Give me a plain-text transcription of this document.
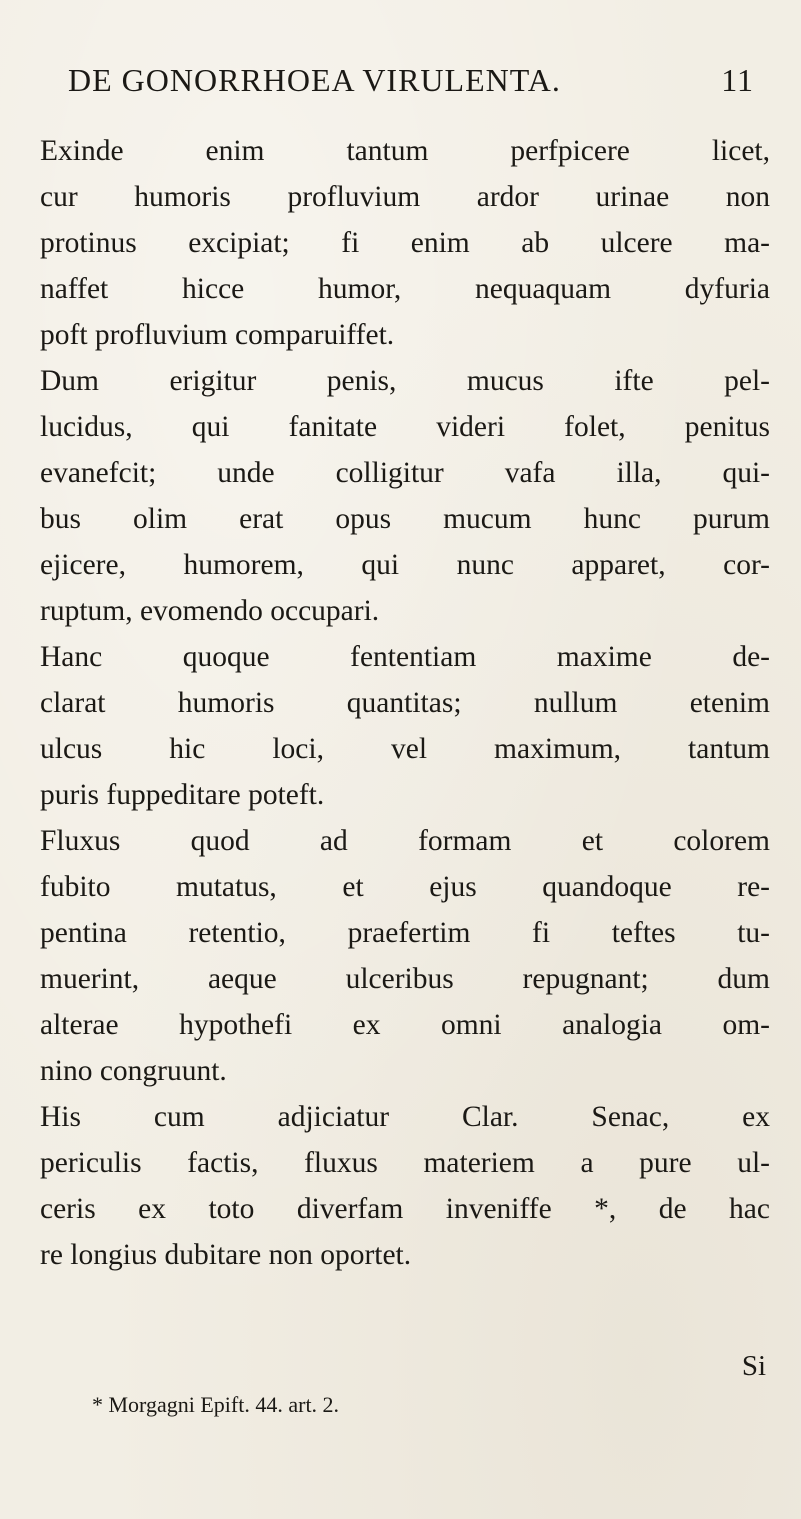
DE GONORRHOEA VIRULENTA.	11
Exinde enim tantum perfpicere licet,
cur humoris profluvium ardor urinae non
protinus excipiat; fi enim ab ulcere ma-
naffet hicce humor, nequaquam dyfuria
poft profluvium comparuiffet.
Dum erigitur penis, mucus ifte pel-
lucidus, qui fanitate videri folet, penitus
evanefcit; unde colligitur vafa illa, qui-
bus olim erat opus mucum hunc purum
ejicere, humorem, qui nunc apparet, cor-
ruptum, evomendo occupari.
Hanc quoque fententiam maxime de-
clarat humoris quantitas; nullum etenim
ulcus hic loci, vel maximum, tantum
puris fuppeditare poteft.
Fluxus quod ad formam et colorem
fubito mutatus, et ejus quandoque re-
pentina retentio, praefertim fi teftes tu-
muerint, aeque ulceribus repugnant; dum
alterae hypothefi ex omni analogia om-
nino congruunt.
His cum adjiciatur Clar. Senac, ex
periculis factis, fluxus materiem a pure ul-
ceris ex toto diverfam inveniffe *, de hac
re longius dubitare non oportet.
Si
* Morgagni Epift. 44. art. 2.
